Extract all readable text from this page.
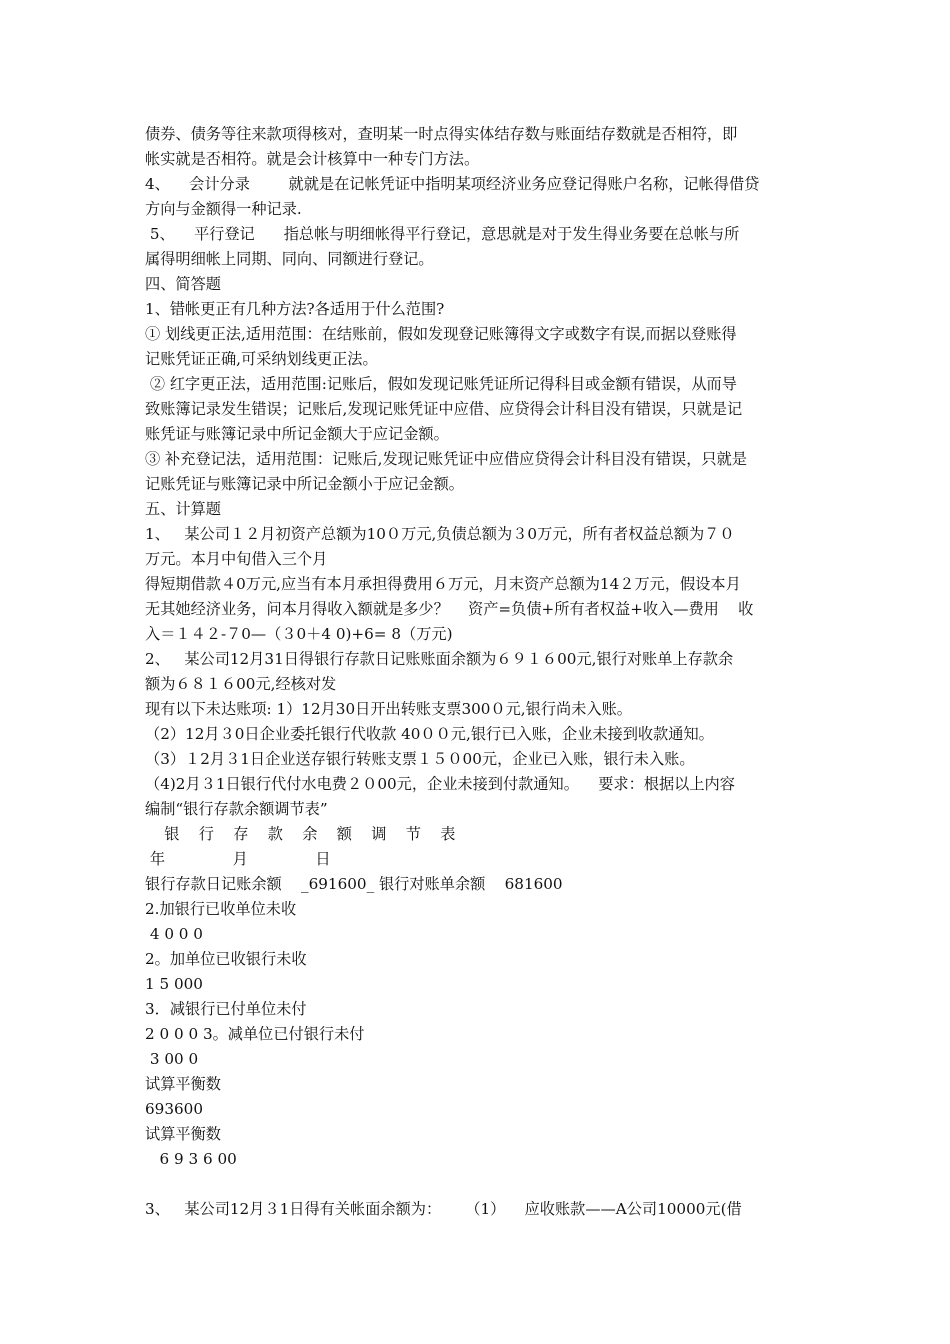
债券、债务等往来款项得核对，查明某一时点得实体结存数与账面结存数就是否相符，即

帐实就是否相符。就是会计核算中一种专门方法。

4、    会计分录        就就是在记帐凭证中指明某项经济业务应登记得账户名称，记帐得借贷

方向与金额得一种记录.

5、    平行登记      指总帐与明细帐得平行登记，意思就是对于发生得业务要在总帐与所

属得明细帐上同期、同向、同额进行登记。

四、简答题

1、错帐更正有几种方法?各适用于什么范围?

① 划线更正法,适用范围：在结账前，假如发现登记账簿得文字或数字有误,而据以登账得

记账凭证正确,可采纳划线更正法。

② 红字更正法，适用范围:记账后，假如发现记账凭证所记得科目或金额有错误，从而导

致账簿记录发生错误；记账后,发现记账凭证中应借、应贷得会计科目没有错误，只就是记

账凭证与账簿记录中所记金额大于应记金额。

③ 补充登记法，适用范围：记账后,发现记账凭证中应借应贷得会计科目没有错误，只就是

记账凭证与账簿记录中所记金额小于应记金额。

五、计算题

1、   某公司１２月初资产总额为10０万元,负债总额为３0万元，所有者权益总额为７０

万元。本月中旬借入三个月

得短期借款４0万元,应当有本月承担得费用６万元，月末资产总额为14２万元，假设本月

无其她经济业务，问本月得收入额就是多少？    资产=负债+所有者权益+收入—费用    收

入＝１４２-７0—（３0＋4 0)+6= 8（万元)

2、   某公司12月31日得银行存款日记账账面余额为６９１６00元,银行对账单上存款余

额为６８１６00元,经核对发

现有以下未达账项: 1）12月30日开出转账支票300０元,银行尚未入账。

（2）12月３0日企业委托银行代收款 40００元,银行已入账，企业未接到收款通知。

（3）１2月３1日企业送存银行转账支票１５０00元，企业已入账，银行未入账。

（4)2月３1日银行代付水电费２０00元，企业未接到付款通知。    要求：根据以上内容

编制“银行存款余额调节表”

银    行    存    款    余    额    调    节    表

年              月              日

银行存款日记账余额    _691600_ 银行对账单余额    681600

2.加银行已收单位未收

4 0 0 0

2。加单位已收银行未收

1 5 000

3．减银行已付单位未付

2 0 0 0 3。减单位已付银行未付

3 00 0

试算平衡数

693600

试算平衡数

6 9 3 6 00

3、   某公司12月３1日得有关帐面余额为：     （1）    应收账款——A公司10000元(借
